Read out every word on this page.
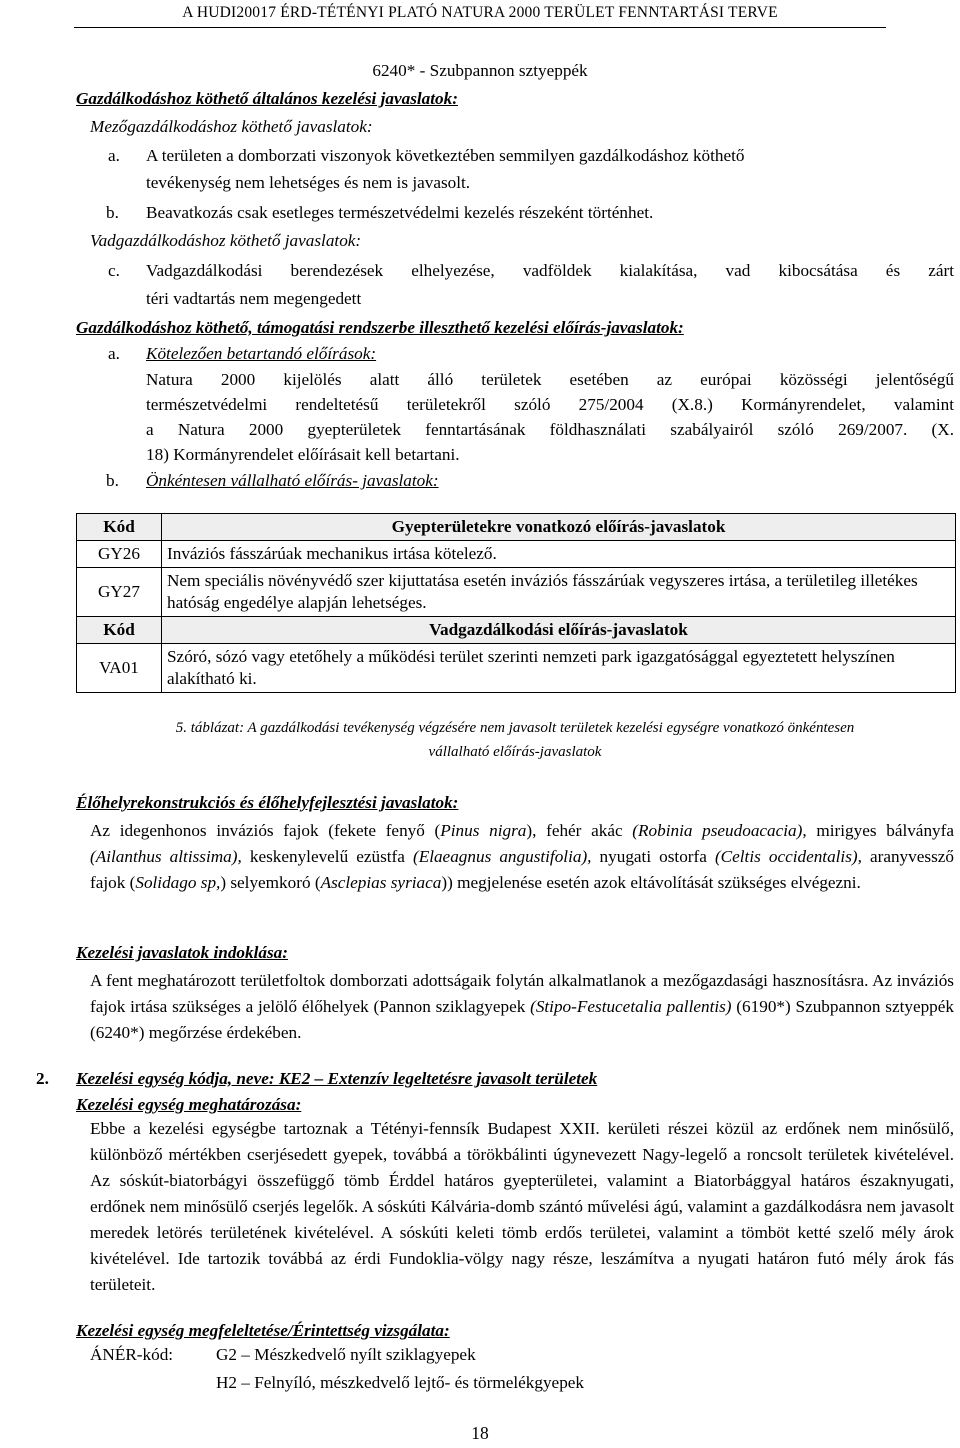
A HUDI20017 ÉRD-TÉTÉNYI PLATÓ NATURA 2000 TERÜLET FENNTARTÁSI TERVE
6240* - Szubpannon sztyeppék
Gazdálkodáshoz köthető általános kezelési javaslatok:
Mezőgazdálkodáshoz köthető javaslatok:
a. A területen a domborzati viszonyok következtében semmilyen gazdálkodáshoz köthető
tevékenység nem lehetséges és nem is javasolt.
b. Beavatkozás csak esetleges természetvédelmi kezelés részeként történhet.
Vadgazdálkodáshoz köthető javaslatok:
c. Vadgazdálkodási berendezések elhelyezése, vadföldek kialakítása, vad kibocsátása és zárt
téri vadtartás nem megengedett
Gazdálkodáshoz köthető, támogatási rendszerbe illeszthető kezelési előírás-javaslatok:
a. Kötelezően betartandó előírások:
Natura 2000 kijelölés alatt álló területek esetében az európai közösségi jelentőségű
természetvédelmi rendeltetésű területekről szóló 275/2004 (X.8.) Kormányrendelet, valamint
a Natura 2000 gyepterületek fenntartásának földhasználati szabályairól szóló 269/2007. (X.
18) Kormányrendelet előírásait kell betartani.
b. Önkéntesen vállalható előírás- javaslatok:
Kód	Gyepterületekre vonatkozó előírás-javaslatok
GY26	Inváziós fásszárúak mechanikus irtása kötelező.
GY27	Nem speciális növényvédő szer kijuttatása esetén inváziós fásszárúak vegyszeres irtása, a területileg illetékes hatóság engedélye alapján lehetséges.
Kód	Vadgazdálkodási előírás-javaslatok
VA01	Szóró, sózó vagy etetőhely a működési terület szerinti nemzeti park igazgatósággal egyeztetett helyszínen alakítható ki.
5. táblázat: A gazdálkodási tevékenység végzésére nem javasolt területek kezelési egységre vonatkozó önkéntesen
vállalható előírás-javaslatok
Élőhelyrekonstrukciós és élőhelyfejlesztési javaslatok:
Az idegenhonos inváziós fajok (fekete fenyő (Pinus nigra), fehér akác (Robinia pseudoacacia), mirigyes bálványfa (Ailanthus altissima), keskenylevelű ezüstfa (Elaeagnus angustifolia), nyugati ostorfa (Celtis occidentalis), aranyvessző fajok (Solidago sp,) selyemkoró (Asclepias syriaca)) megjelenése esetén azok eltávolítását szükséges elvégezni.
Kezelési javaslatok indoklása:
A fent meghatározott területfoltok domborzati adottságaik folytán alkalmatlanok a mezőgazdasági hasznosításra. Az inváziós fajok irtása szükséges a jelölő élőhelyek (Pannon sziklagyepek (Stipo-Festucetalia pallentis) (6190*) Szubpannon sztyeppék (6240*) megőrzése érdekében.
2. Kezelési egység kódja, neve: KE2 – Extenzív legeltetésre javasolt területek
Kezelési egység meghatározása:
Ebbe a kezelési egységbe tartoznak a Tétényi-fennsík Budapest XXII. kerületi részei közül az erdőnek nem minősülő, különböző mértékben cserjésedett gyepek, továbbá a törökbálinti úgynevezett Nagy-legelő a roncsolt területek kivételével. Az sóskút-biatorbágyi összefüggő tömb Érddel határos gyepterületei, valamint a Biatorbággyal határos északnyugati, erdőnek nem minősülő cserjés legelők. A sóskúti Kálvária-domb szántó művelési ágú, valamint a gazdálkodásra nem javasolt meredek letörés területének kivételével. A sóskúti keleti tömb erdős területei, valamint a tömböt ketté szelő mély árok kivételével. Ide tartozik továbbá az érdi Fundoklia-völgy nagy része, leszámítva a nyugati határon futó mély árok fás területeit.
Kezelési egység megfeleltetése/Érintettség vizsgálata:
ÁNÉR-kód: G2 – Mészkedvelő nyílt sziklagyepek
H2 – Felnyíló, mészkedvelő lejtő- és törmelékgyepek
18
